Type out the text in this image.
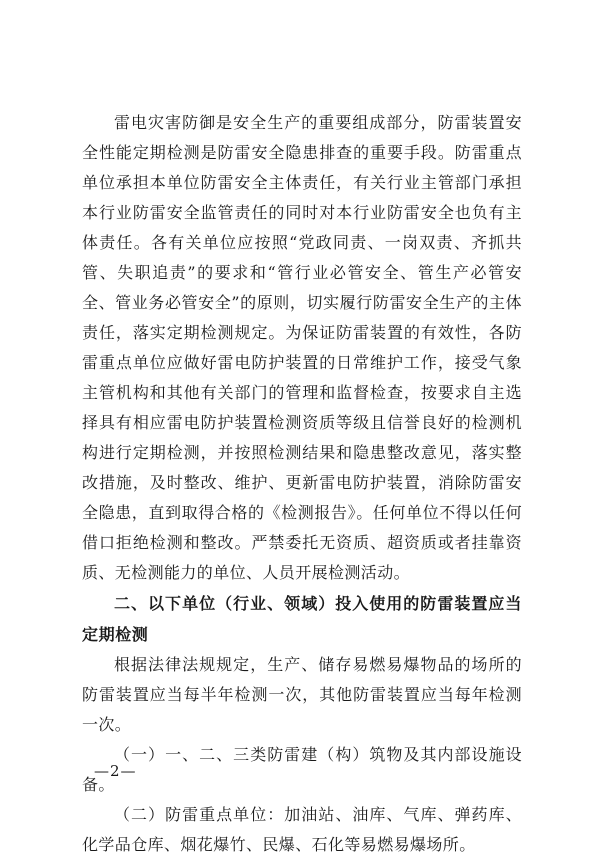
雷电灾害防御是安全生产的重要组成部分，防雷装置安全性能定期检测是防雷安全隐患排查的重要手段。防雷重点单位承担本单位防雷安全主体责任，有关行业主管部门承担本行业防雷安全监管责任的同时对本行业防雷安全也负有主体责任。各有关单位应按照“党政同责、一岗双责、齐抓共管、失职追责”的要求和“管行业必管安全、管生产必管安全、管业务必管安全”的原则，切实履行防雷安全生产的主体责任，落实定期检测规定。为保证防雷装置的有效性，各防雷重点单位应做好雷电防护装置的日常维护工作，接受气象主管机构和其他有关部门的管理和监督检查，按要求自主选择具有相应雷电防护装置检测资质等级且信誉良好的检测机构进行定期检测，并按照检测结果和隐患整改意见，落实整改措施，及时整改、维护、更新雷电防护装置，消除防雷安全隐患，直到取得合格的《检测报告》。任何单位不得以任何借口拒绝检测和整改。严禁委托无资质、超资质或者挂靠资质、无检测能力的单位、人员开展检测活动。

二、以下单位（行业、领域）投入使用的防雷装置应当定期检测

根据法律法规规定，生产、储存易燃易爆物品的场所的防雷装置应当每半年检测一次，其他防雷装置应当每年检测一次。

（一）一、二、三类防雷建（构）筑物及其内部设施设备。

（二）防雷重点单位：加油站、油库、气库、弹药库、化学品仓库、烟花爆竹、民爆、石化等易燃易爆场所。

—2—
